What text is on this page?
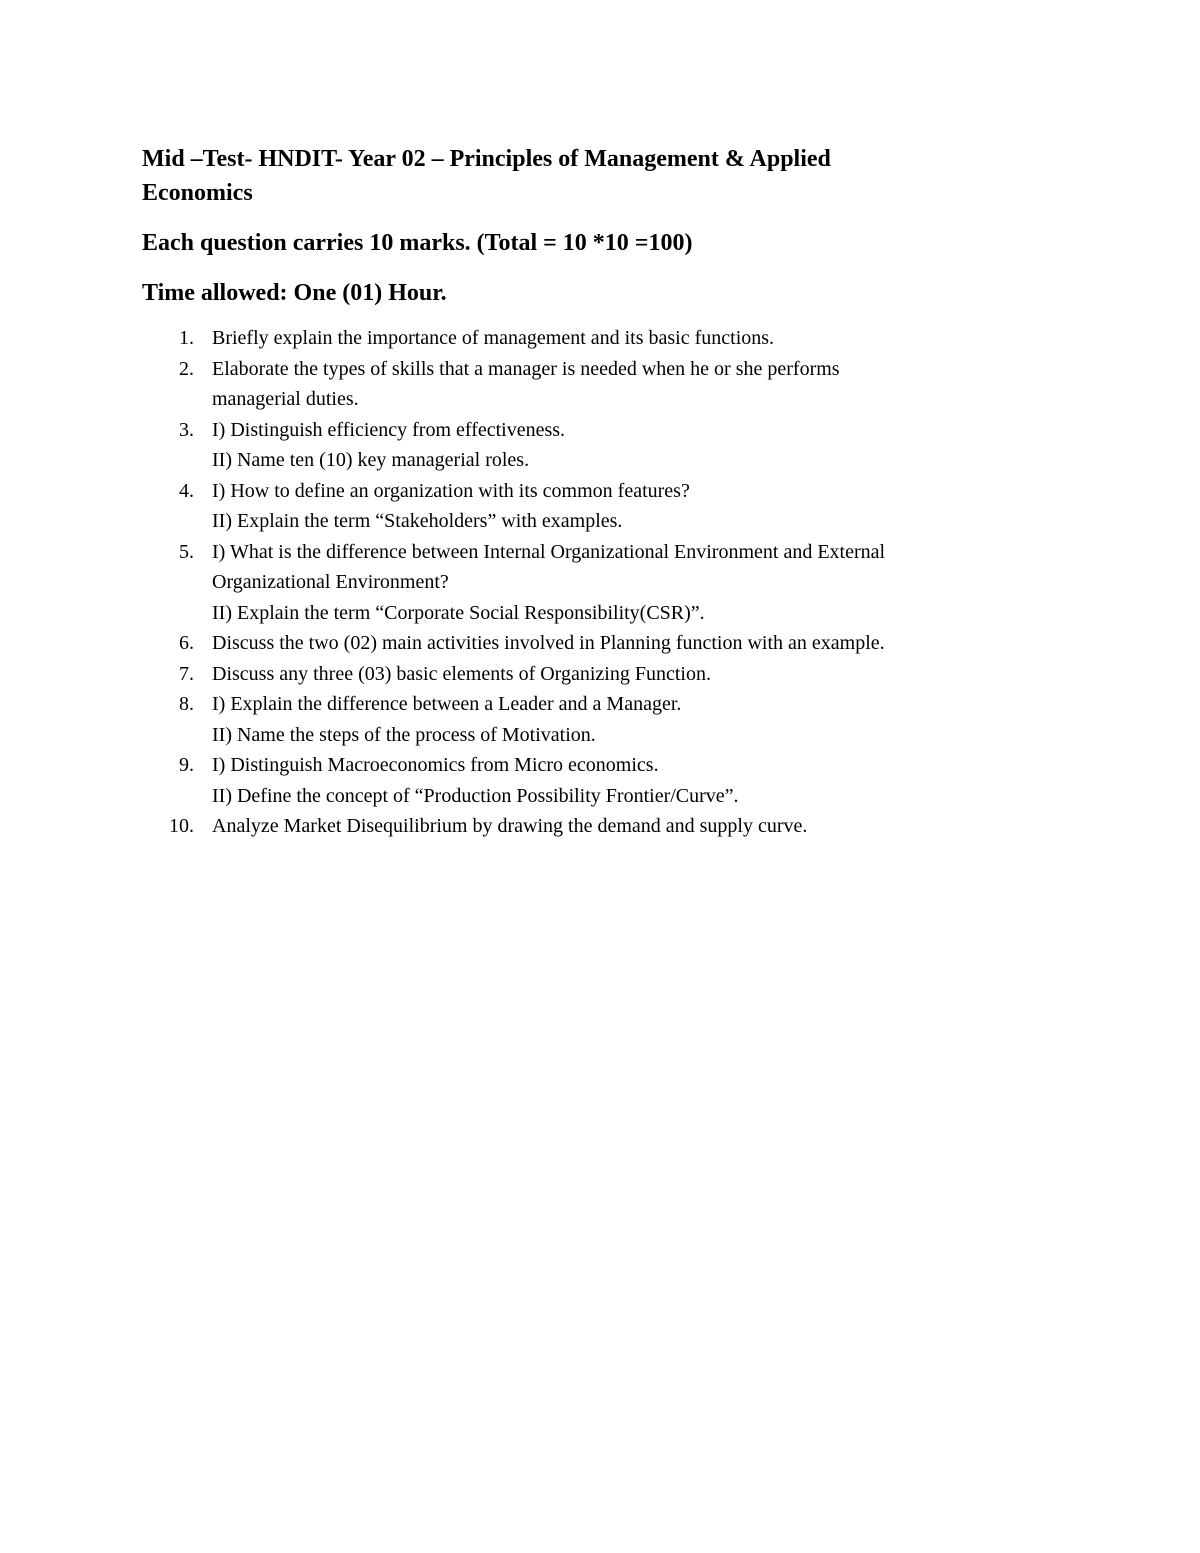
Mid –Test- HNDIT- Year 02 – Principles of Management & Applied
Economics

Each question carries 10 marks. (Total = 10 *10 =100)

Time allowed: One (01) Hour.

1. Briefly explain the importance of management and its basic functions.
2. Elaborate the types of skills that a manager is needed when he or she performs
managerial duties.
3. I) Distinguish efficiency from effectiveness.
II) Name ten (10) key managerial roles.
4. I) How to define an organization with its common features?
II) Explain the term “Stakeholders” with examples.
5. I) What is the difference between Internal Organizational Environment and External
Organizational Environment?
II) Explain the term “Corporate Social Responsibility(CSR)”.
6. Discuss the two (02) main activities involved in Planning function with an example.
7. Discuss any three (03) basic elements of Organizing Function.
8. I) Explain the difference between a Leader and a Manager.
II) Name the steps of the process of Motivation.
9. I) Distinguish Macroeconomics from Micro economics.
II) Define the concept of “Production Possibility Frontier/Curve”.
10. Analyze Market Disequilibrium by drawing the demand and supply curve.
